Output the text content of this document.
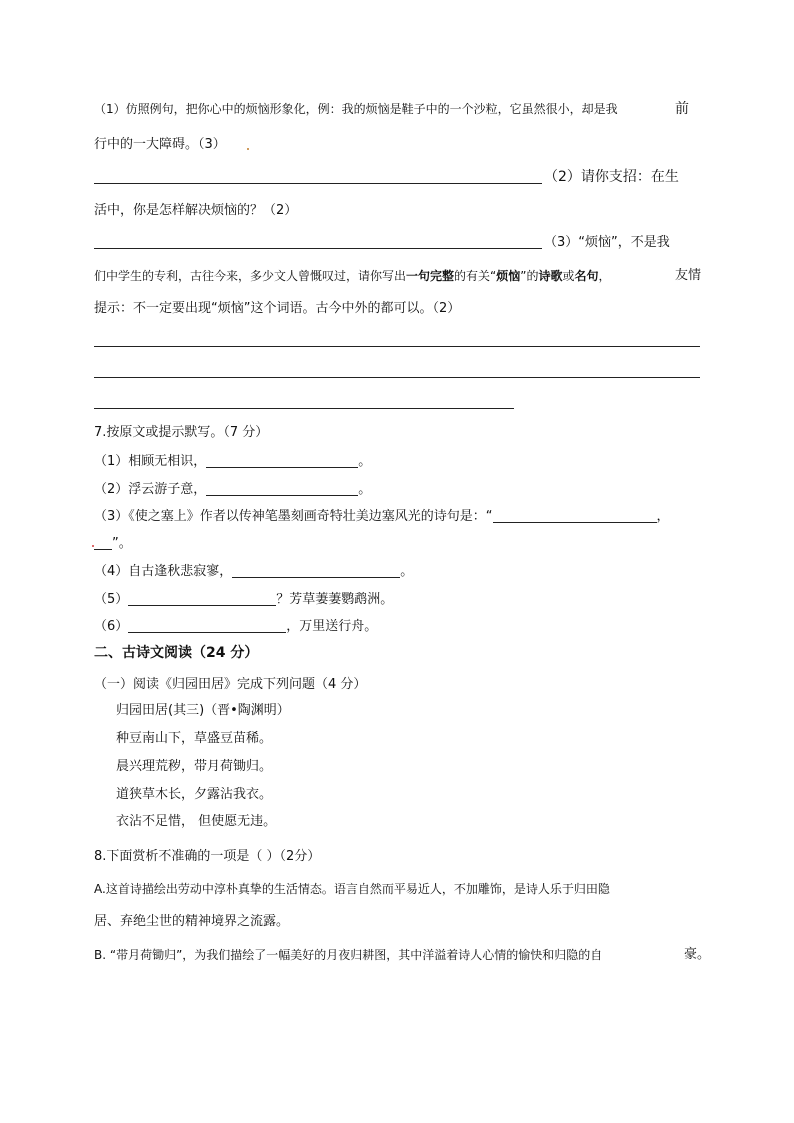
（1）仿照例句，把你心中的烦恼形象化，例：我的烦恼是鞋子中的一个沙粒，它虽然很小，却是我	前
行中的一大障碍。（3）
（2）请你支招：在生
活中，你是怎样解决烦恼的？（2）
（3）“烦恼”，不是我
们中学生的专利，古往今来，多少文人曾慨叹过，请你写出一句完整的有关“烦恼”的诗歌或名句，	友情
提示：不一定要出现“烦恼”这个词语。古今中外的都可以。（2）
7.按原文或提示默写。（7 分）
（1）相顾无相识，	。
（2）浮云游子意，	。
（3）《使之塞上》作者以传神笔墨刻画奇特壮美边塞风光的诗句是：“	，
”。
（4）自古逢秋悲寂寥，	。
（5）	？芳草萋萋鹦鹉洲。
（6）	，万里送行舟。
二、古诗文阅读（24 分）
（一）阅读《归园田居》完成下列问题（4 分）
归园田居(其三)（晋•陶渊明）
种豆南山下，草盛豆苗稀。
晨兴理荒秽，带月荷锄归。
道狭草木长，夕露沾我衣。
衣沾不足惜， 但使愿无违。
8.下面赏析不准确的一项是（ ）（2分）
A.这首诗描绘出劳动中淳朴真挚的生活情态。语言自然而平易近人，不加雕饰，是诗人乐于归田隐
居、弃绝尘世的精神境界之流露。
B. “带月荷锄归”，为我们描绘了一幅美好的月夜归耕图，其中洋溢着诗人心情的愉快和归隐的自	豪。
